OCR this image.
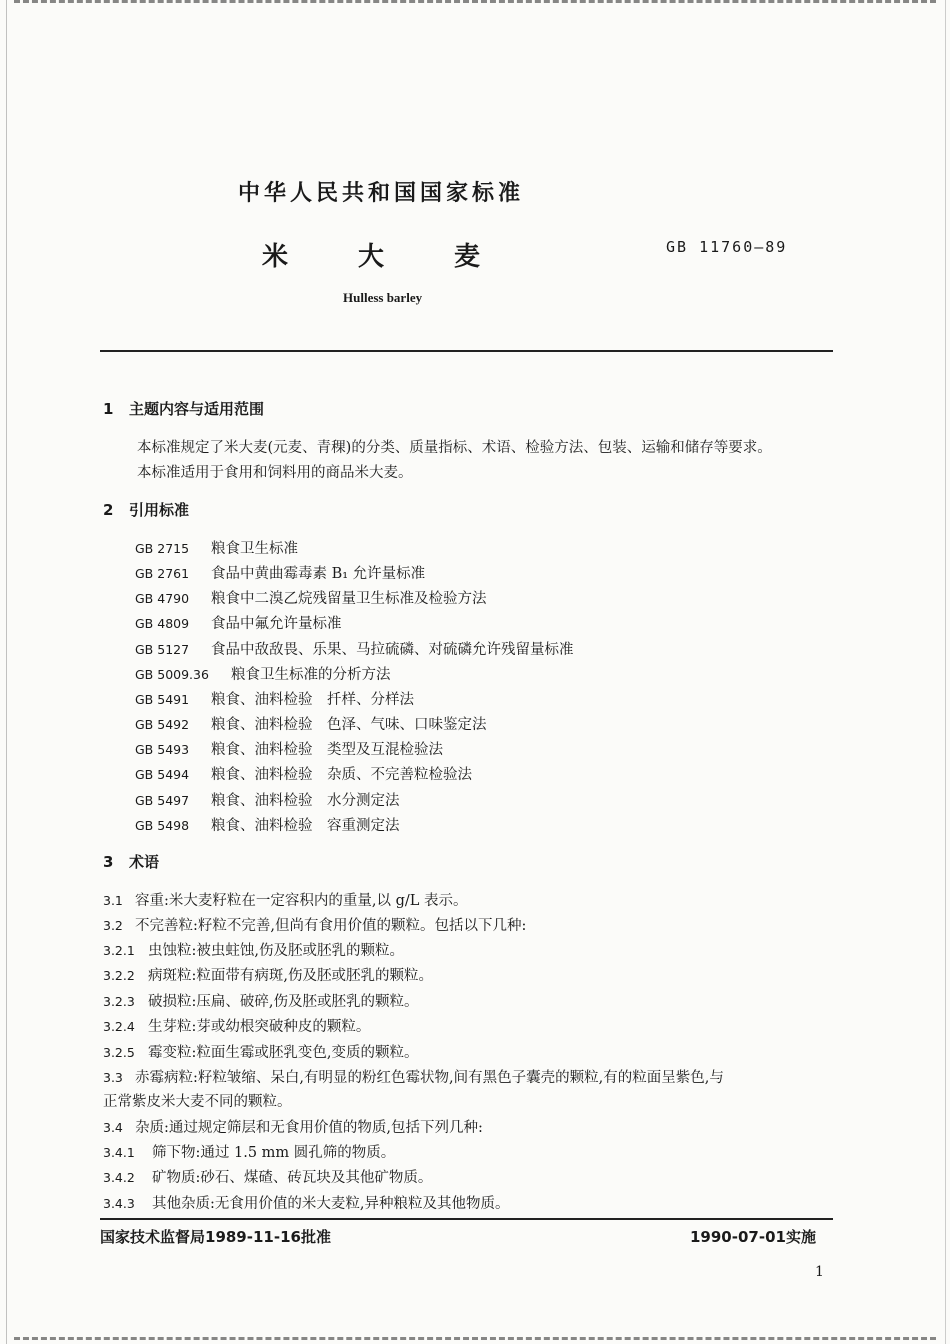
中华人民共和国国家标准
米大麦	GB 11760—89
Hulless barley
1 主题内容与适用范围
本标准规定了米大麦(元麦、青稞)的分类、质量指标、术语、检验方法、包装、运输和储存等要求。
本标准适用于食用和饲料用的商品米大麦。
2 引用标准
GB 2715 粮食卫生标准
GB 2761 食品中黄曲霉毒素 B₁ 允许量标准
GB 4790 粮食中二溴乙烷残留量卫生标准及检验方法
GB 4809 食品中氟允许量标准
GB 5127 食品中敌敌畏、乐果、马拉硫磷、对硫磷允许残留量标准
GB 5009.36 粮食卫生标准的分析方法
GB 5491 粮食、油料检验　扦样、分样法
GB 5492 粮食、油料检验　色泽、气味、口味鉴定法
GB 5493 粮食、油料检验　类型及互混检验法
GB 5494 粮食、油料检验　杂质、不完善粒检验法
GB 5497 粮食、油料检验　水分测定法
GB 5498 粮食、油料检验　容重测定法
3 术语
3.1 容重:米大麦籽粒在一定容积内的重量,以 g/L 表示。
3.2 不完善粒:籽粒不完善,但尚有食用价值的颗粒。包括以下几种:
3.2.1 虫蚀粒:被虫蛀蚀,伤及胚或胚乳的颗粒。
3.2.2 病斑粒:粒面带有病斑,伤及胚或胚乳的颗粒。
3.2.3 破损粒:压扁、破碎,伤及胚或胚乳的颗粒。
3.2.4 生芽粒:芽或幼根突破种皮的颗粒。
3.2.5 霉变粒:粒面生霉或胚乳变色,变质的颗粒。
3.3 赤霉病粒:籽粒皱缩、呆白,有明显的粉红色霉状物,间有黑色子囊壳的颗粒,有的粒面呈紫色,与
正常紫皮米大麦不同的颗粒。
3.4 杂质:通过规定筛层和无食用价值的物质,包括下列几种:
3.4.1 筛下物:通过 1.5 mm 圆孔筛的物质。
3.4.2 矿物质:砂石、煤碴、砖瓦块及其他矿物质。
3.4.3 其他杂质:无食用价值的米大麦粒,异种粮粒及其他物质。
国家技术监督局1989-11-16批准	1990-07-01实施
1
